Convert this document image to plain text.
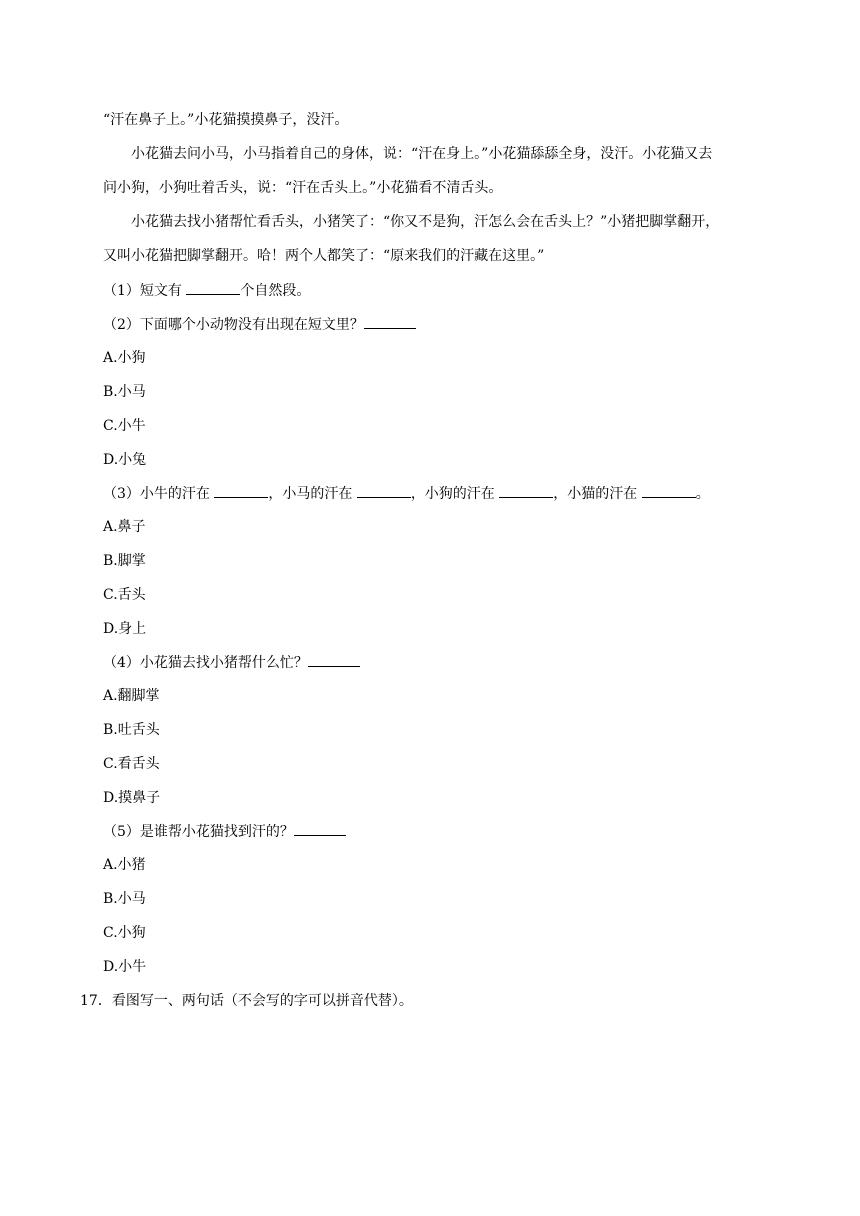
“汗在鼻子上。”小花猫摸摸鼻子，没汗。
小花猫去问小马，小马指着自己的身体，说：“汗在身上。”小花猫舔舔全身，没汗。小花猫又去
问小狗，小狗吐着舌头，说：“汗在舌头上。”小花猫看不清舌头。
小花猫去找小猪帮忙看舌头，小猪笑了：“你又不是狗，汗怎么会在舌头上？”小猪把脚掌翻开，
又叫小花猫把脚掌翻开。哈！两个人都笑了：“原来我们的汗藏在这里。”
（1）短文有	个自然段。
（2）下面哪个小动物没有出现在短文里？
A.小狗
B.小马
C.小牛
D.小兔
（3）小牛的汗在	，小马的汗在	，小狗的汗在	，小猫的汗在	。
A.鼻子
B.脚掌
C.舌头
D.身上
（4）小花猫去找小猪帮什么忙？
A.翻脚掌
B.吐舌头
C.看舌头
D.摸鼻子
（5）是谁帮小花猫找到汗的？
A.小猪
B.小马
C.小狗
D.小牛
17．看图写一、两句话（不会写的字可以拼音代替）。
